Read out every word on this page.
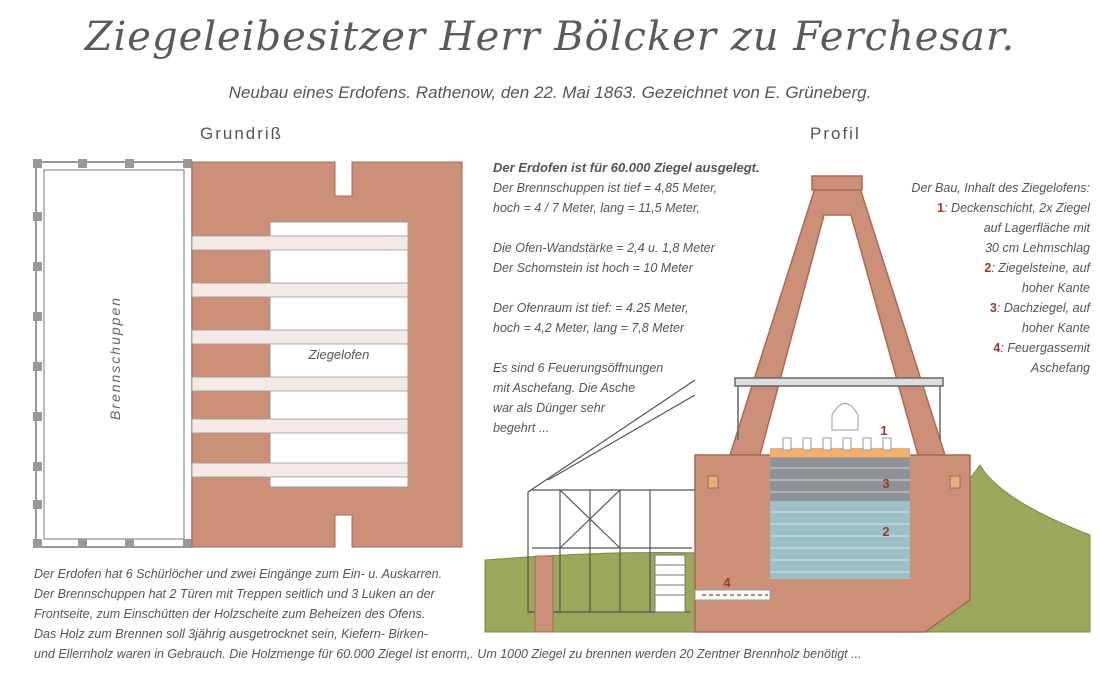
Ziegeleibesitzer Herr Bölcker zu Ferchesar.
Neubau eines Erdofens. Rathenow, den 22. Mai 1863. Gezeichnet von E. Grüneberg.
Grundriß	Profil
Brennschuppen	Ziegelofen
1
2
3
4
Der Erdofen ist für 60.000 Ziegel ausgelegt.
Der Brennschuppen ist tief = 4,85 Meter,
hoch = 4 / 7 Meter, lang = 11,5 Meter,
Die Ofen-Wandstärke = 2,4 u. 1,8 Meter
Der Schornstein ist hoch = 10 Meter
Der Ofenraum ist tief: = 4.25 Meter,
hoch = 4,2 Meter, lang = 7,8 Meter
Es sind 6 Feuerungsöffnungen
mit Aschefang. Die Asche
war als Dünger sehr
begehrt ...
Der Bau, Inhalt des Ziegelofens:
1: Deckenschicht, 2x Ziegel
auf Lagerfläche mit
30 cm Lehmschlag
2: Ziegelsteine, auf
hoher Kante
3: Dachziegel, auf
hoher Kante
4: Feuergassemit
Aschefang
Der Erdofen hat 6 Schürlöcher und zwei Eingänge zum Ein- u. Auskarren.
Der Brennschuppen hat 2 Türen mit Treppen seitlich und 3 Luken an der
Frontseite, zum Einschütten der Holzscheite zum Beheizen des Ofens.
Das Holz zum Brennen soll 3jährig ausgetrocknet sein, Kiefern- Birken-
und Ellernholz waren in Gebrauch. Die Holzmenge für 60.000 Ziegel ist enorm,. Um 1000 Ziegel zu brennen werden 20 Zentner Brennholz benötigt ...
